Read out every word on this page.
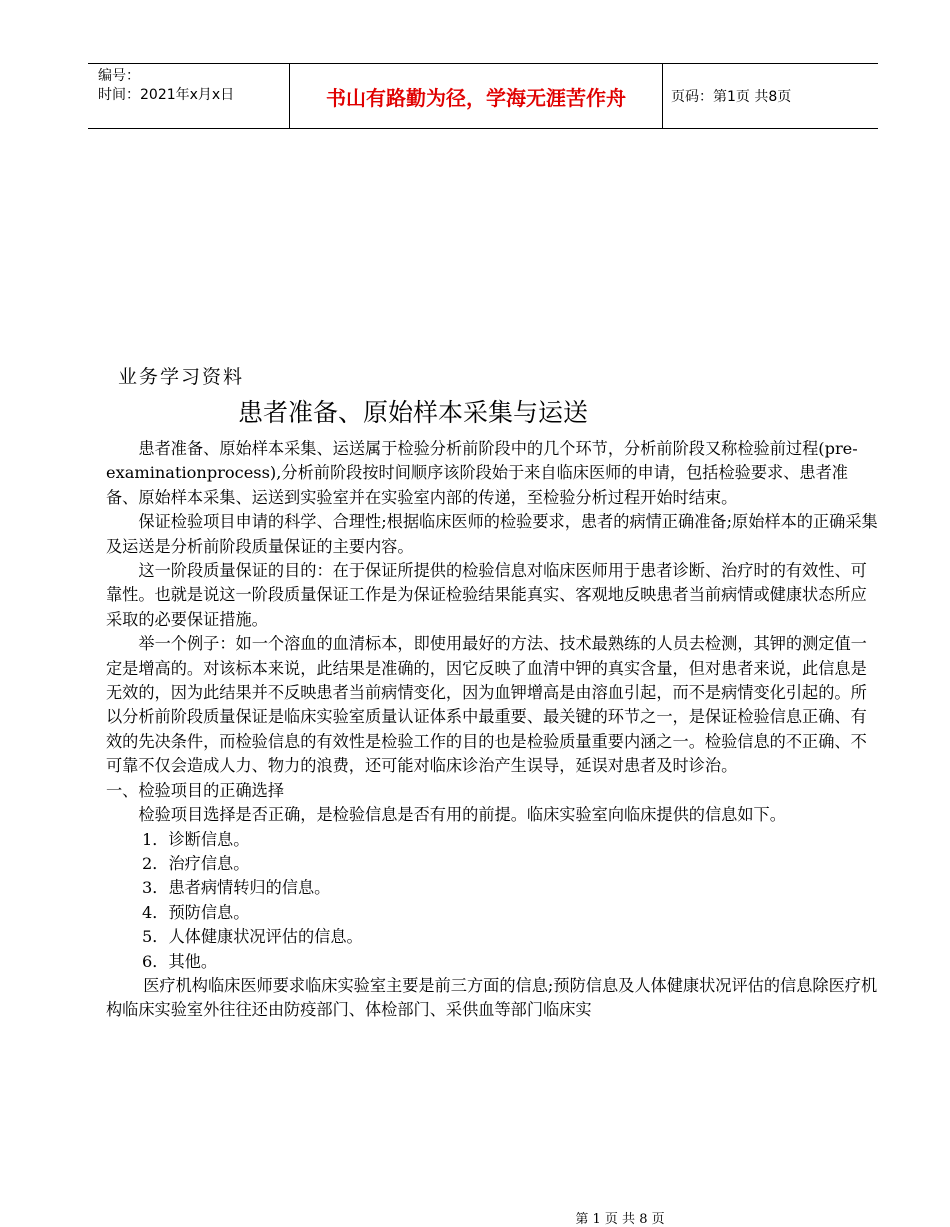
编号：
时间：2021年x月x日	书山有路勤为径，学海无涯苦作舟	页码：第1页 共8页
业务学习资料
患者准备、原始样本采集与运送

患者准备、原始样本采集、运送属于检验分析前阶段中的几个环节，分析前阶段又称检验前过程(pre-examinationprocess),分析前阶段按时间顺序该阶段始于来自临床医师的申请，包括检验要求、患者准备、原始样本采集、运送到实验室并在实验室内部的传递，至检验分析过程开始时结束。

保证检验项目申请的科学、合理性;根据临床医师的检验要求，患者的病情正确准备;原始样本的正确采集及运送是分析前阶段质量保证的主要内容。

这一阶段质量保证的目的：在于保证所提供的检验信息对临床医师用于患者诊断、治疗时的有效性、可靠性。也就是说这一阶段质量保证工作是为保证检验结果能真实、客观地反映患者当前病情或健康状态所应采取的必要保证措施。

举一个例子：如一个溶血的血清标本，即使用最好的方法、技术最熟练的人员去检测，其钾的测定值一定是增高的。对该标本来说，此结果是准确的，因它反映了血清中钾的真实含量，但对患者来说，此信息是无效的，因为此结果并不反映患者当前病情变化，因为血钾增高是由溶血引起，而不是病情变化引起的。所以分析前阶段质量保证是临床实验室质量认证体系中最重要、最关键的环节之一，是保证检验信息正确、有效的先决条件，而检验信息的有效性是检验工作的目的也是检验质量重要内涵之一。检验信息的不正确、不可靠不仅会造成人力、物力的浪费，还可能对临床诊治产生误导，延误对患者及时诊治。

一、检验项目的正确选择

检验项目选择是否正确，是检验信息是否有用的前提。临床实验室向临床提供的信息如下。

1．诊断信息。

2．治疗信息。

3．患者病情转归的信息。

4．预防信息。

5．人体健康状况评估的信息。

6．其他。

医疗机构临床医师要求临床实验室主要是前三方面的信息;预防信息及人体健康状况评估的信息除医疗机构临床实验室外往往还由防疫部门、体检部门、采供血等部门临床实

第 1 页 共 8 页
